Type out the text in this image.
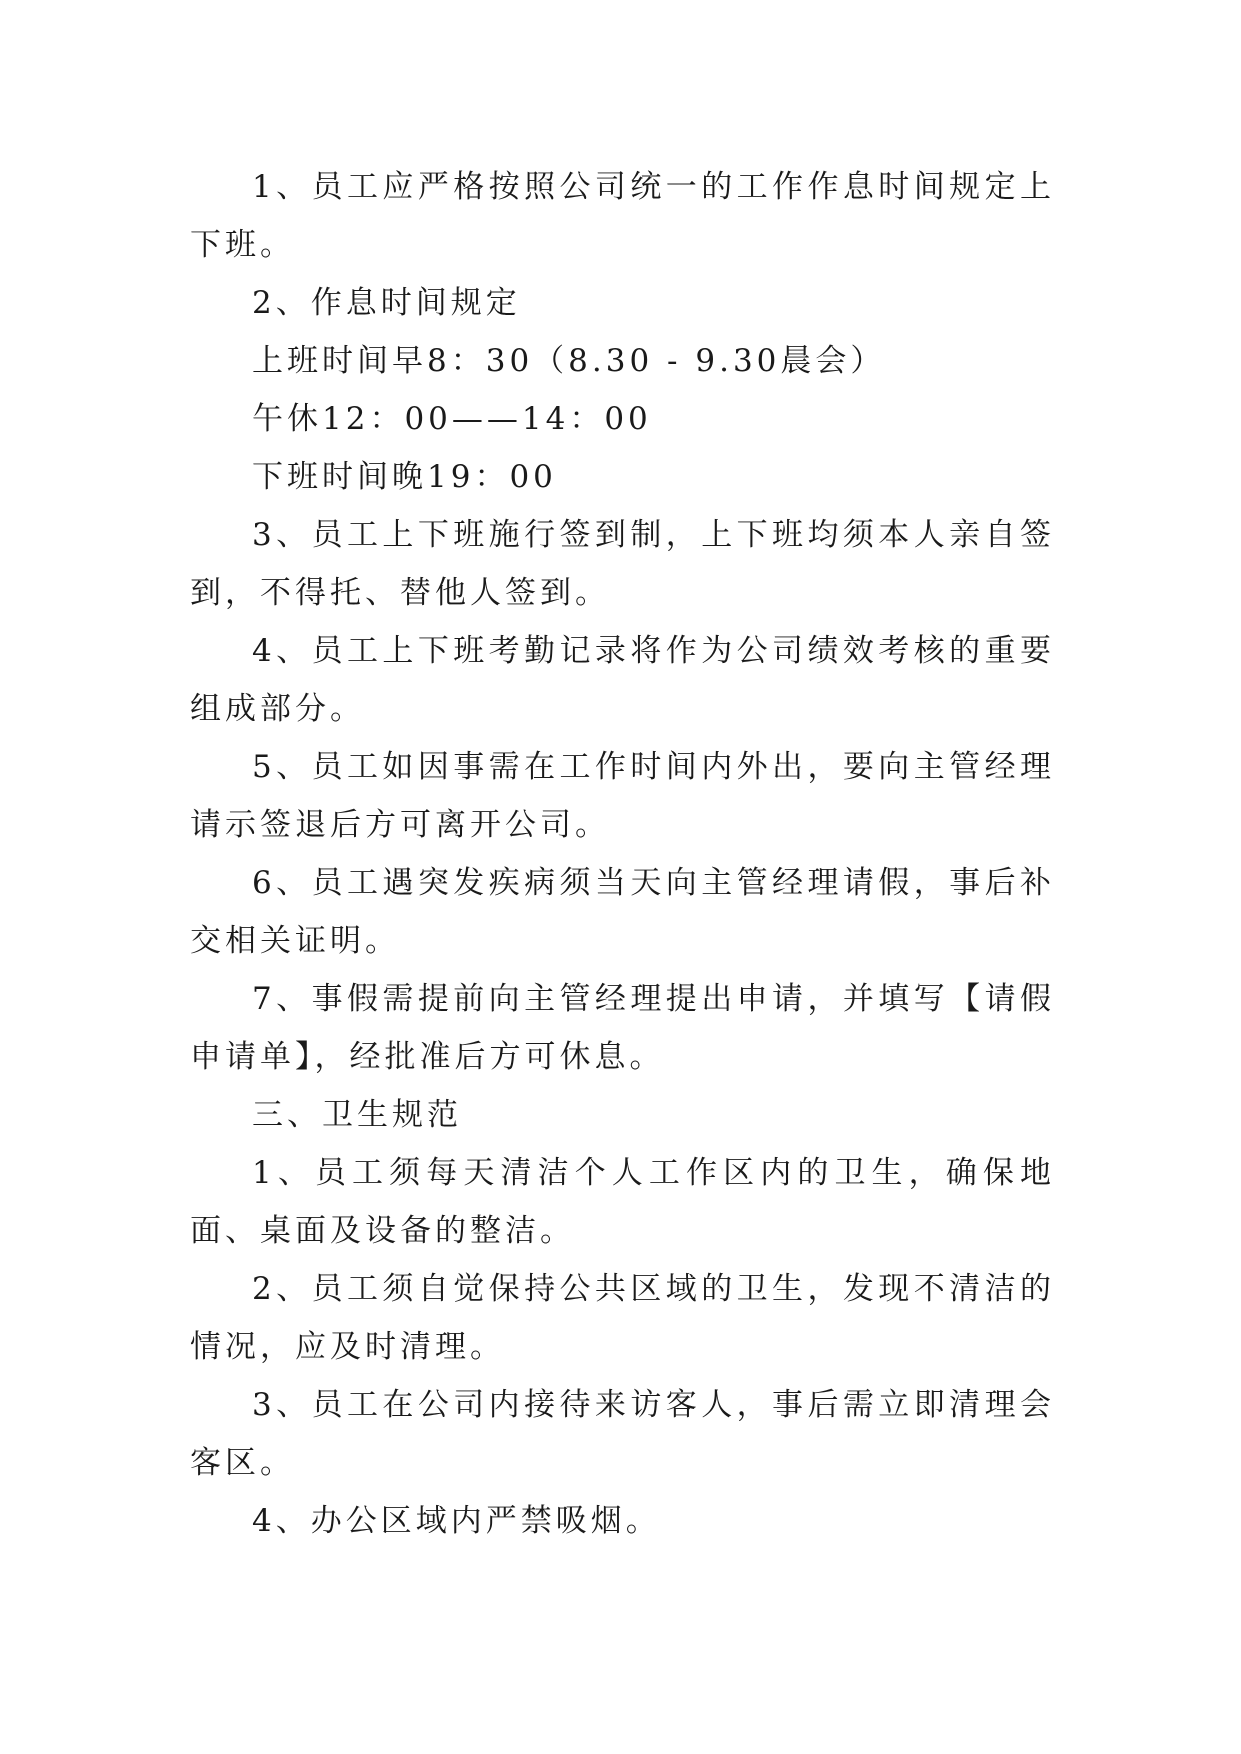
1、员工应严格按照公司统一的工作作息时间规定上下班。

2、作息时间规定

上班时间早8：30（8.30 - 9.30晨会）

午休12：00——14：00

下班时间晚19：00

3、员工上下班施行签到制，上下班均须本人亲自签到，不得托、替他人签到。

4、员工上下班考勤记录将作为公司绩效考核的重要组成部分。

5、员工如因事需在工作时间内外出，要向主管经理请示签退后方可离开公司。

6、员工遇突发疾病须当天向主管经理请假，事后补交相关证明。

7、事假需提前向主管经理提出申请，并填写【请假申请单】，经批准后方可休息。

三、卫生规范

1、员工须每天清洁个人工作区内的卫生，确保地面、桌面及设备的整洁。

2、员工须自觉保持公共区域的卫生，发现不清洁的情况，应及时清理。

3、员工在公司内接待来访客人，事后需立即清理会客区。

4、办公区域内严禁吸烟。
